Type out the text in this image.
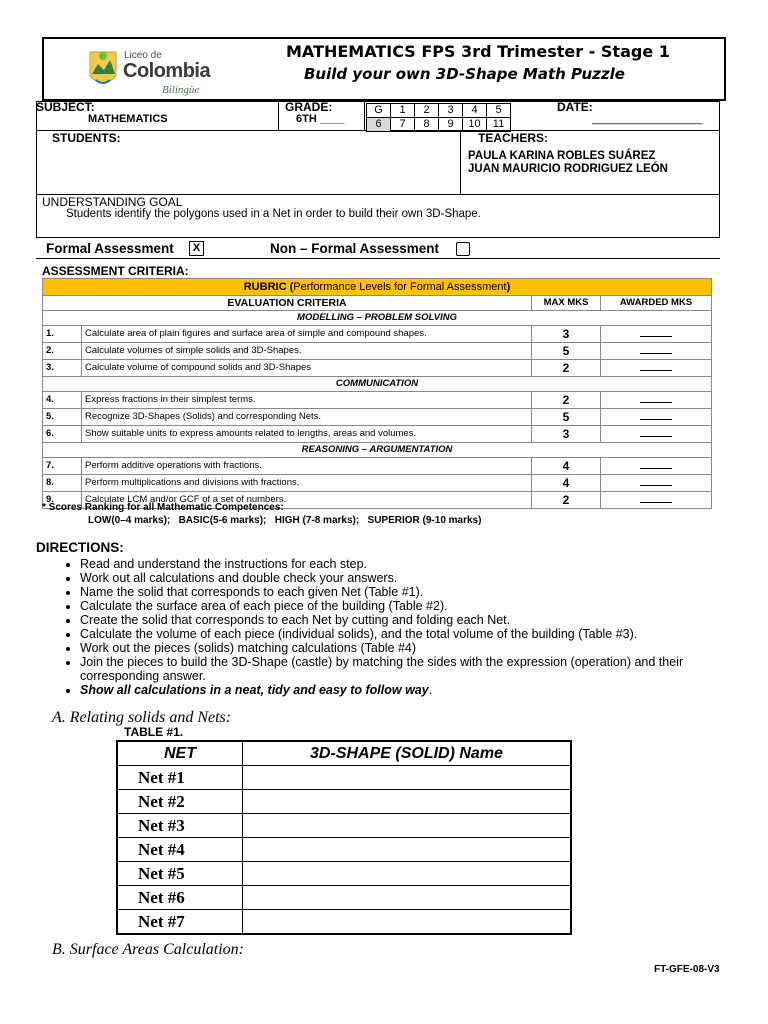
Liceo de
Colombia
Bilingüe
MATHEMATICS FPS 3rd Trimester - Stage 1
Build your own 3D-Shape Math Puzzle
SUBJECT:
MATHEMATICS
GRADE:
6TH ____
G	1	2	3	4	5
6	7	8	9	10	11
DATE:
__________________
STUDENTS:	TEACHERS:
PAULA KARINA ROBLES SUÁREZ
JUAN MAURICIO RODRIGUEZ LEÓN
UNDERSTANDING GOAL
Students identify the polygons used in a Net in order to build their own 3D-Shape.
Formal Assessment	X	Non – Formal Assessment
ASSESSMENT CRITERIA:
RUBRIC (Performance Levels for Formal Assessment)			
EVALUATION CRITERIA		MAX MKS	AWARDED MKS
MODELLING – PROBLEM SOLVING			
1.	Calculate area of plain figures and surface area of simple and compound shapes.	3	
2.	Calculate volumes of simple solids and 3D-Shapes.	5	
3.	Calculate volume of compound solids and 3D-Shapes	2	
COMMUNICATION			
4.	Express fractions in their simplest terms.	2	
5.	Recognize 3D-Shapes (Solids) and corresponding Nets.	5	
6.	Show suitable units to express amounts related to lengths, areas and volumes.	3	
REASONING – ARGUMENTATION			
7.	Perform additive operations with fractions.	4	
8.	Perform multiplications and divisions with fractions.	4	
9.	Calculate LCM and/or GCF of a set of numbers.	2	
* Scores Ranking for all Mathematic Competences:
LOW(0–4 marks);   BASIC(5-6 marks);   HIGH (7-8 marks);   SUPERIOR (9-10 marks)
DIRECTIONS:
• Read and understand the instructions for each step.
• Work out all calculations and double check your answers.
• Name the solid that corresponds to each given Net (Table #1).
• Calculate the surface area of each piece of the building (Table #2).
• Create the solid that corresponds to each Net by cutting and folding each Net.
• Calculate the volume of each piece (individual solids), and the total volume of the building (Table #3).
• Work out the pieces (solids) matching calculations (Table #4)
• Join the pieces to build the 3D-Shape (castle) by matching the sides with the expression (operation) and their corresponding answer.
• Show all calculations in a neat, tidy and easy to follow way.
A. Relating solids and Nets:
TABLE #1.
NET	3D-SHAPE (SOLID) Name
Net #1	
Net #2	
Net #3	
Net #4	
Net #5	
Net #6	
Net #7	
B. Surface Areas Calculation:
FT-GFE-08-V3
